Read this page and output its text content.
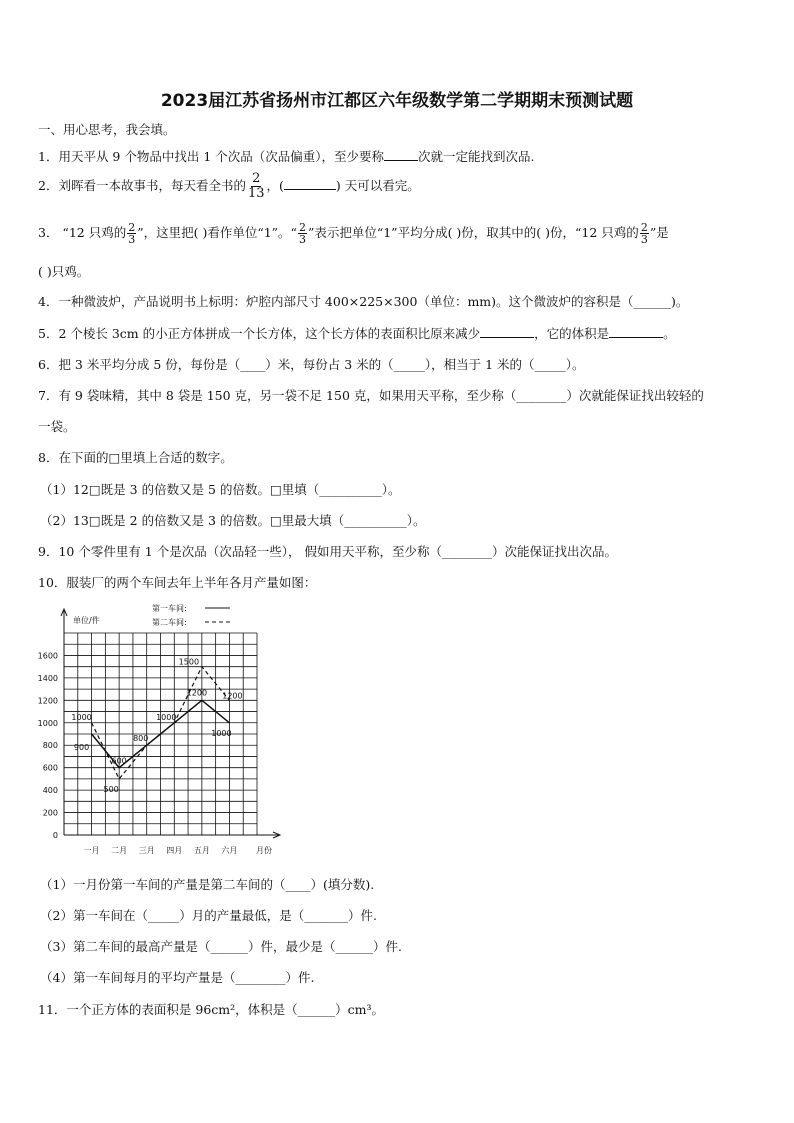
2023届江苏省扬州市江都区六年级数学第二学期期末预测试题
一、用心思考，我会填。
1．用天平从 9 个物品中找出 1 个次品（次品偏重），至少要称	次就一定能找到次品.
2．刘晖看一本故事书，每天看全书的 $\frac{2}{13}$ ，(	) 天可以看完。
3． “12 只鸡的 $\frac{2}{3}$ ”，这里把( )看作单位“1”。“ $\frac{2}{3}$ ”表示把单位“1”平均分成( )份，取其中的( )份，“12 只鸡的 $\frac{2}{3}$ ”是
( )只鸡。
4．一种微波炉，产品说明书上标明：炉腔内部尺寸 400×225×300（单位：mm)。这个微波炉的容积是（______)。
5．2 个棱长 3cm 的小正方体拼成一个长方体，这个长方体的表面积比原来减少	，它的体积是	。
6．把 3 米平均分成 5 份，每份是（____）米，每份占 3 米的（_____），相当于 1 米的（_____）。
7．有 9 袋味精，其中 8 袋是 150 克，另一袋不足 150 克，如果用天平称，至少称（________）次就能保证找出较轻的
一袋。
8．在下面的□里填上合适的数字。
（1）12□既是 3 的倍数又是 5 的倍数。□里填（__________）。
（2）13□既是 2 的倍数又是 3 的倍数。□里最大填（__________）。
9．10 个零件里有 1 个是次品（次品轻一些）， 假如用天平称，至少称（________）次能保证找出次品。
10．服装厂的两个车间去年上半年各月产量如图：
0
200
400
600
800
1000
1200
1400
1600
一月 二月 三月 四月 五月 六月
第一车间:
第二车间:
单位/件
月份
900
600
800
1000
1200
1000
1000
500
1500
1200
（1）一月份第一车间的产量是第二车间的（____）(填分数).
（2）第一车间在（_____）月的产量最低，是（_______）件.
（3）第二车间的最高产量是（______）件，最少是（______）件.
（4）第一车间每月的平均产量是（________）件.
11．一个正方体的表面积是 96cm²，体积是（______）cm³。
